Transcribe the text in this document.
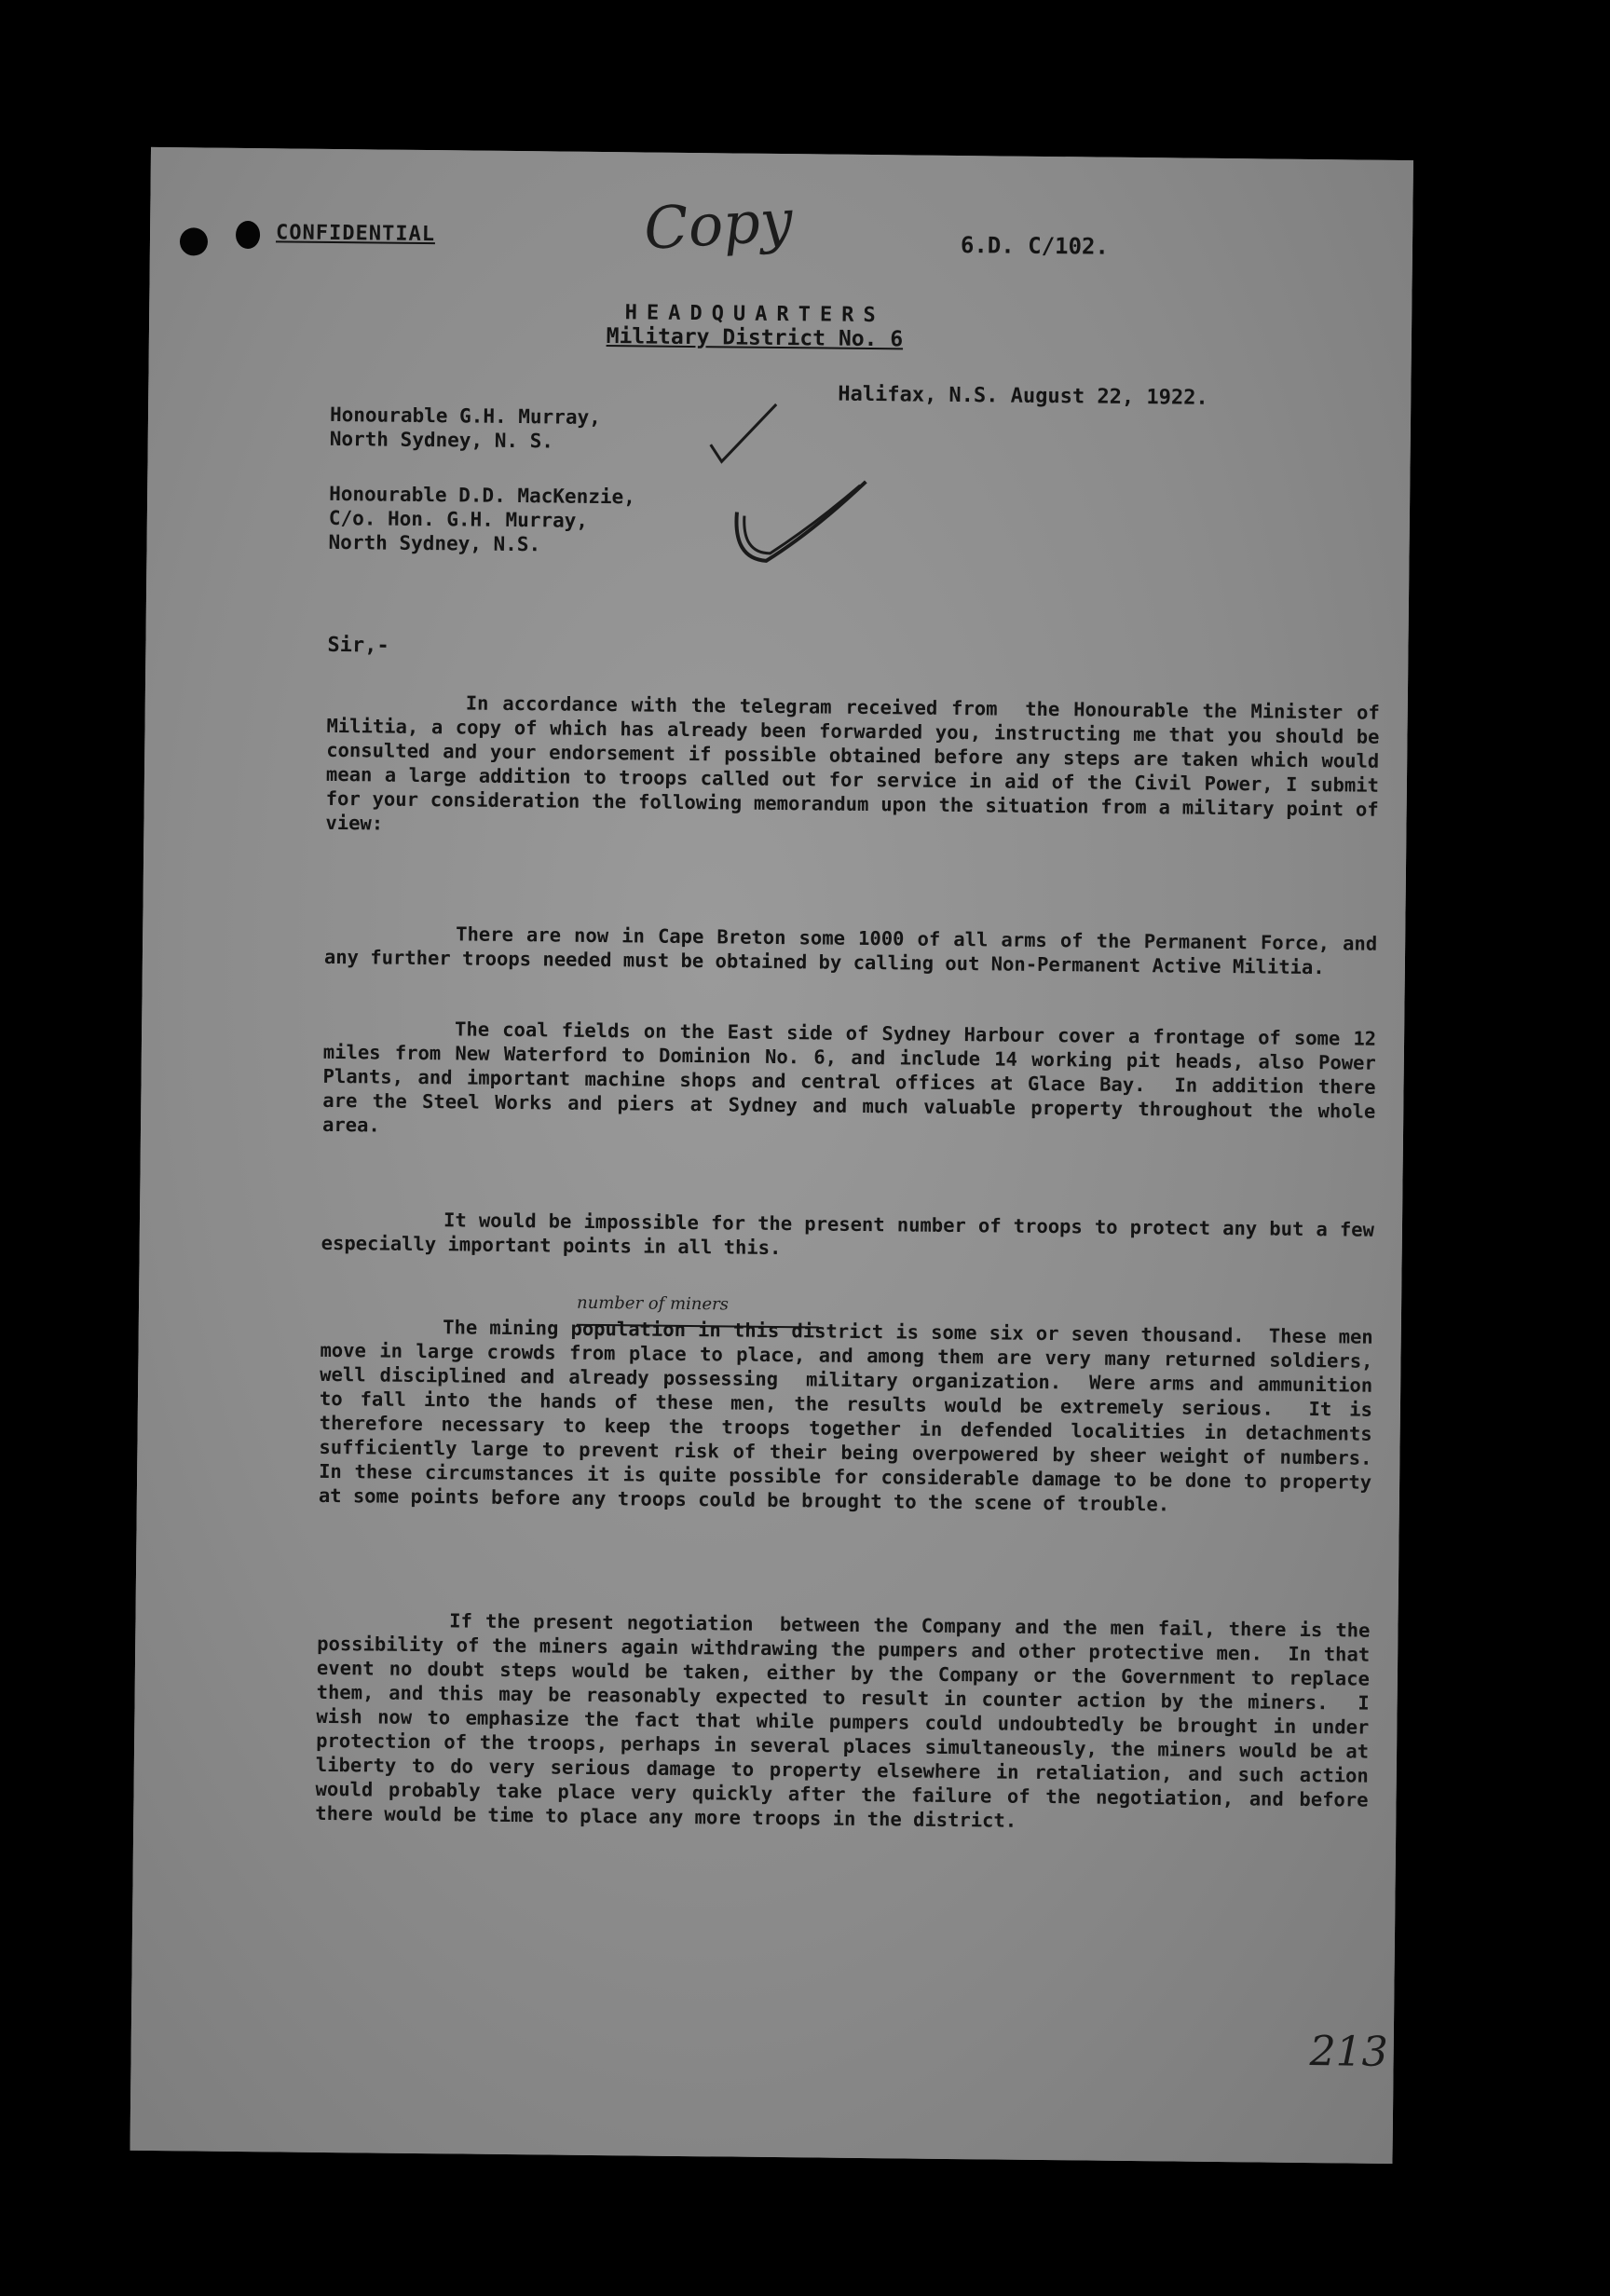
CONFIDENTIAL	Copy	6.D. C/102.
HEADQUARTERS
Military District No. 6
Halifax, N.S. August 22, 1922.
Honourable G.H. Murray,
North Sydney, N. S.
Honourable D.D. MacKenzie,
C/o. Hon. G.H. Murray,
North Sydney, N.S.
Sir,-
In accordance with the telegram received from  the Honourable the Minister of Militia, a copy of which has already been forwarded you, instructing me that you should be consulted and your endorsement if possible obtained before any steps are taken which would mean a large addition to troops called out for service in aid of the Civil Power, I submit for your consideration the following memorandum upon the situation from a military point of view:
There are now in Cape Breton some 1000 of all arms of the Permanent Force, and any further troops needed must be obtained by calling out Non-Permanent Active Militia.
The coal fields on the East side of Sydney Harbour cover a frontage of some 12 miles from New Waterford to Dominion No. 6, and include 14 working pit heads, also Power Plants, and important machine shops and central offices at Glace Bay.  In addition there are the Steel Works and piers at Sydney and much valuable property throughout the whole area.
It would be impossible for the present number of troops to protect any but a few especially important points in all this.
number of miners
The mining population in this district is some six or seven thousand.  These men move in large crowds from place to place, and among them are very many returned soldiers, well disciplined and already possessing  military organization.  Were arms and ammunition to fall into the hands of these men, the results would be extremely serious.  It is therefore necessary to keep the troops together in defended localities in detachments sufficiently large to prevent risk of their being overpowered by sheer weight of numbers.  In these circumstances it is quite possible for considerable damage to be done to property at some points before any troops could be brought to the scene of trouble.
If the present negotiation  between the Company and the men fail, there is the possibility of the miners again withdrawing the pumpers and other protective men.  In that event no doubt steps would be taken, either by the Company or the Government to replace them, and this may be reasonably expected to result in counter action by the miners.  I wish now to emphasize the fact that while pumpers could undoubtedly be brought in under protection of the troops, perhaps in several places simultaneously, the miners would be at liberty to do very serious damage to property elsewhere in retaliation, and such action would probably take place very quickly after the failure of the negotiation, and before there would be time to place any more troops in the district.
213
